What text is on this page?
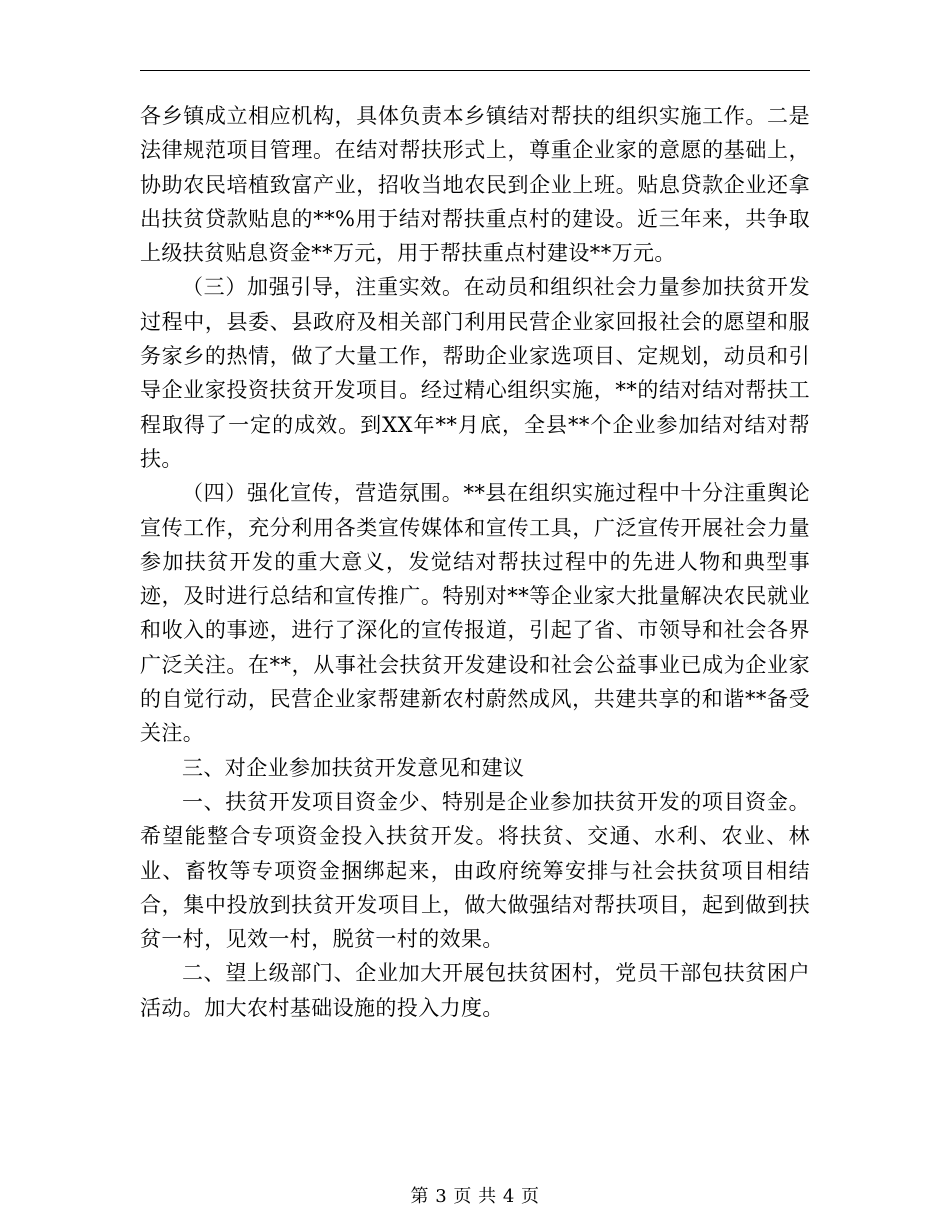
各乡镇成立相应机构，具体负责本乡镇结对帮扶的组织实施工作。二是法律规范项目管理。在结对帮扶形式上，尊重企业家的意愿的基础上，协助农民培植致富产业，招收当地农民到企业上班。贴息贷款企业还拿出扶贫贷款贴息的**%用于结对帮扶重点村的建设。近三年来，共争取上级扶贫贴息资金**万元，用于帮扶重点村建设**万元。

（三）加强引导，注重实效。在动员和组织社会力量参加扶贫开发过程中，县委、县政府及相关部门利用民营企业家回报社会的愿望和服务家乡的热情，做了大量工作，帮助企业家选项目、定规划，动员和引导企业家投资扶贫开发项目。经过精心组织实施，**的结对结对帮扶工程取得了一定的成效。到XX年**月底，全县**个企业参加结对结对帮扶。

（四）强化宣传，营造氛围。**县在组织实施过程中十分注重舆论宣传工作，充分利用各类宣传媒体和宣传工具，广泛宣传开展社会力量参加扶贫开发的重大意义，发觉结对帮扶过程中的先进人物和典型事迹，及时进行总结和宣传推广。特别对**等企业家大批量解决农民就业和收入的事迹，进行了深化的宣传报道，引起了省、市领导和社会各界广泛关注。在**，从事社会扶贫开发建设和社会公益事业已成为企业家的自觉行动，民营企业家帮建新农村蔚然成风，共建共享的和谐**备受关注。

三、对企业参加扶贫开发意见和建议

一、扶贫开发项目资金少、特别是企业参加扶贫开发的项目资金。希望能整合专项资金投入扶贫开发。将扶贫、交通、水利、农业、林业、畜牧等专项资金捆绑起来，由政府统筹安排与社会扶贫项目相结合，集中投放到扶贫开发项目上，做大做强结对帮扶项目，起到做到扶贫一村，见效一村，脱贫一村的效果。

二、望上级部门、企业加大开展包扶贫困村，党员干部包扶贫困户活动。加大农村基础设施的投入力度。

第 3 页 共 4 页
